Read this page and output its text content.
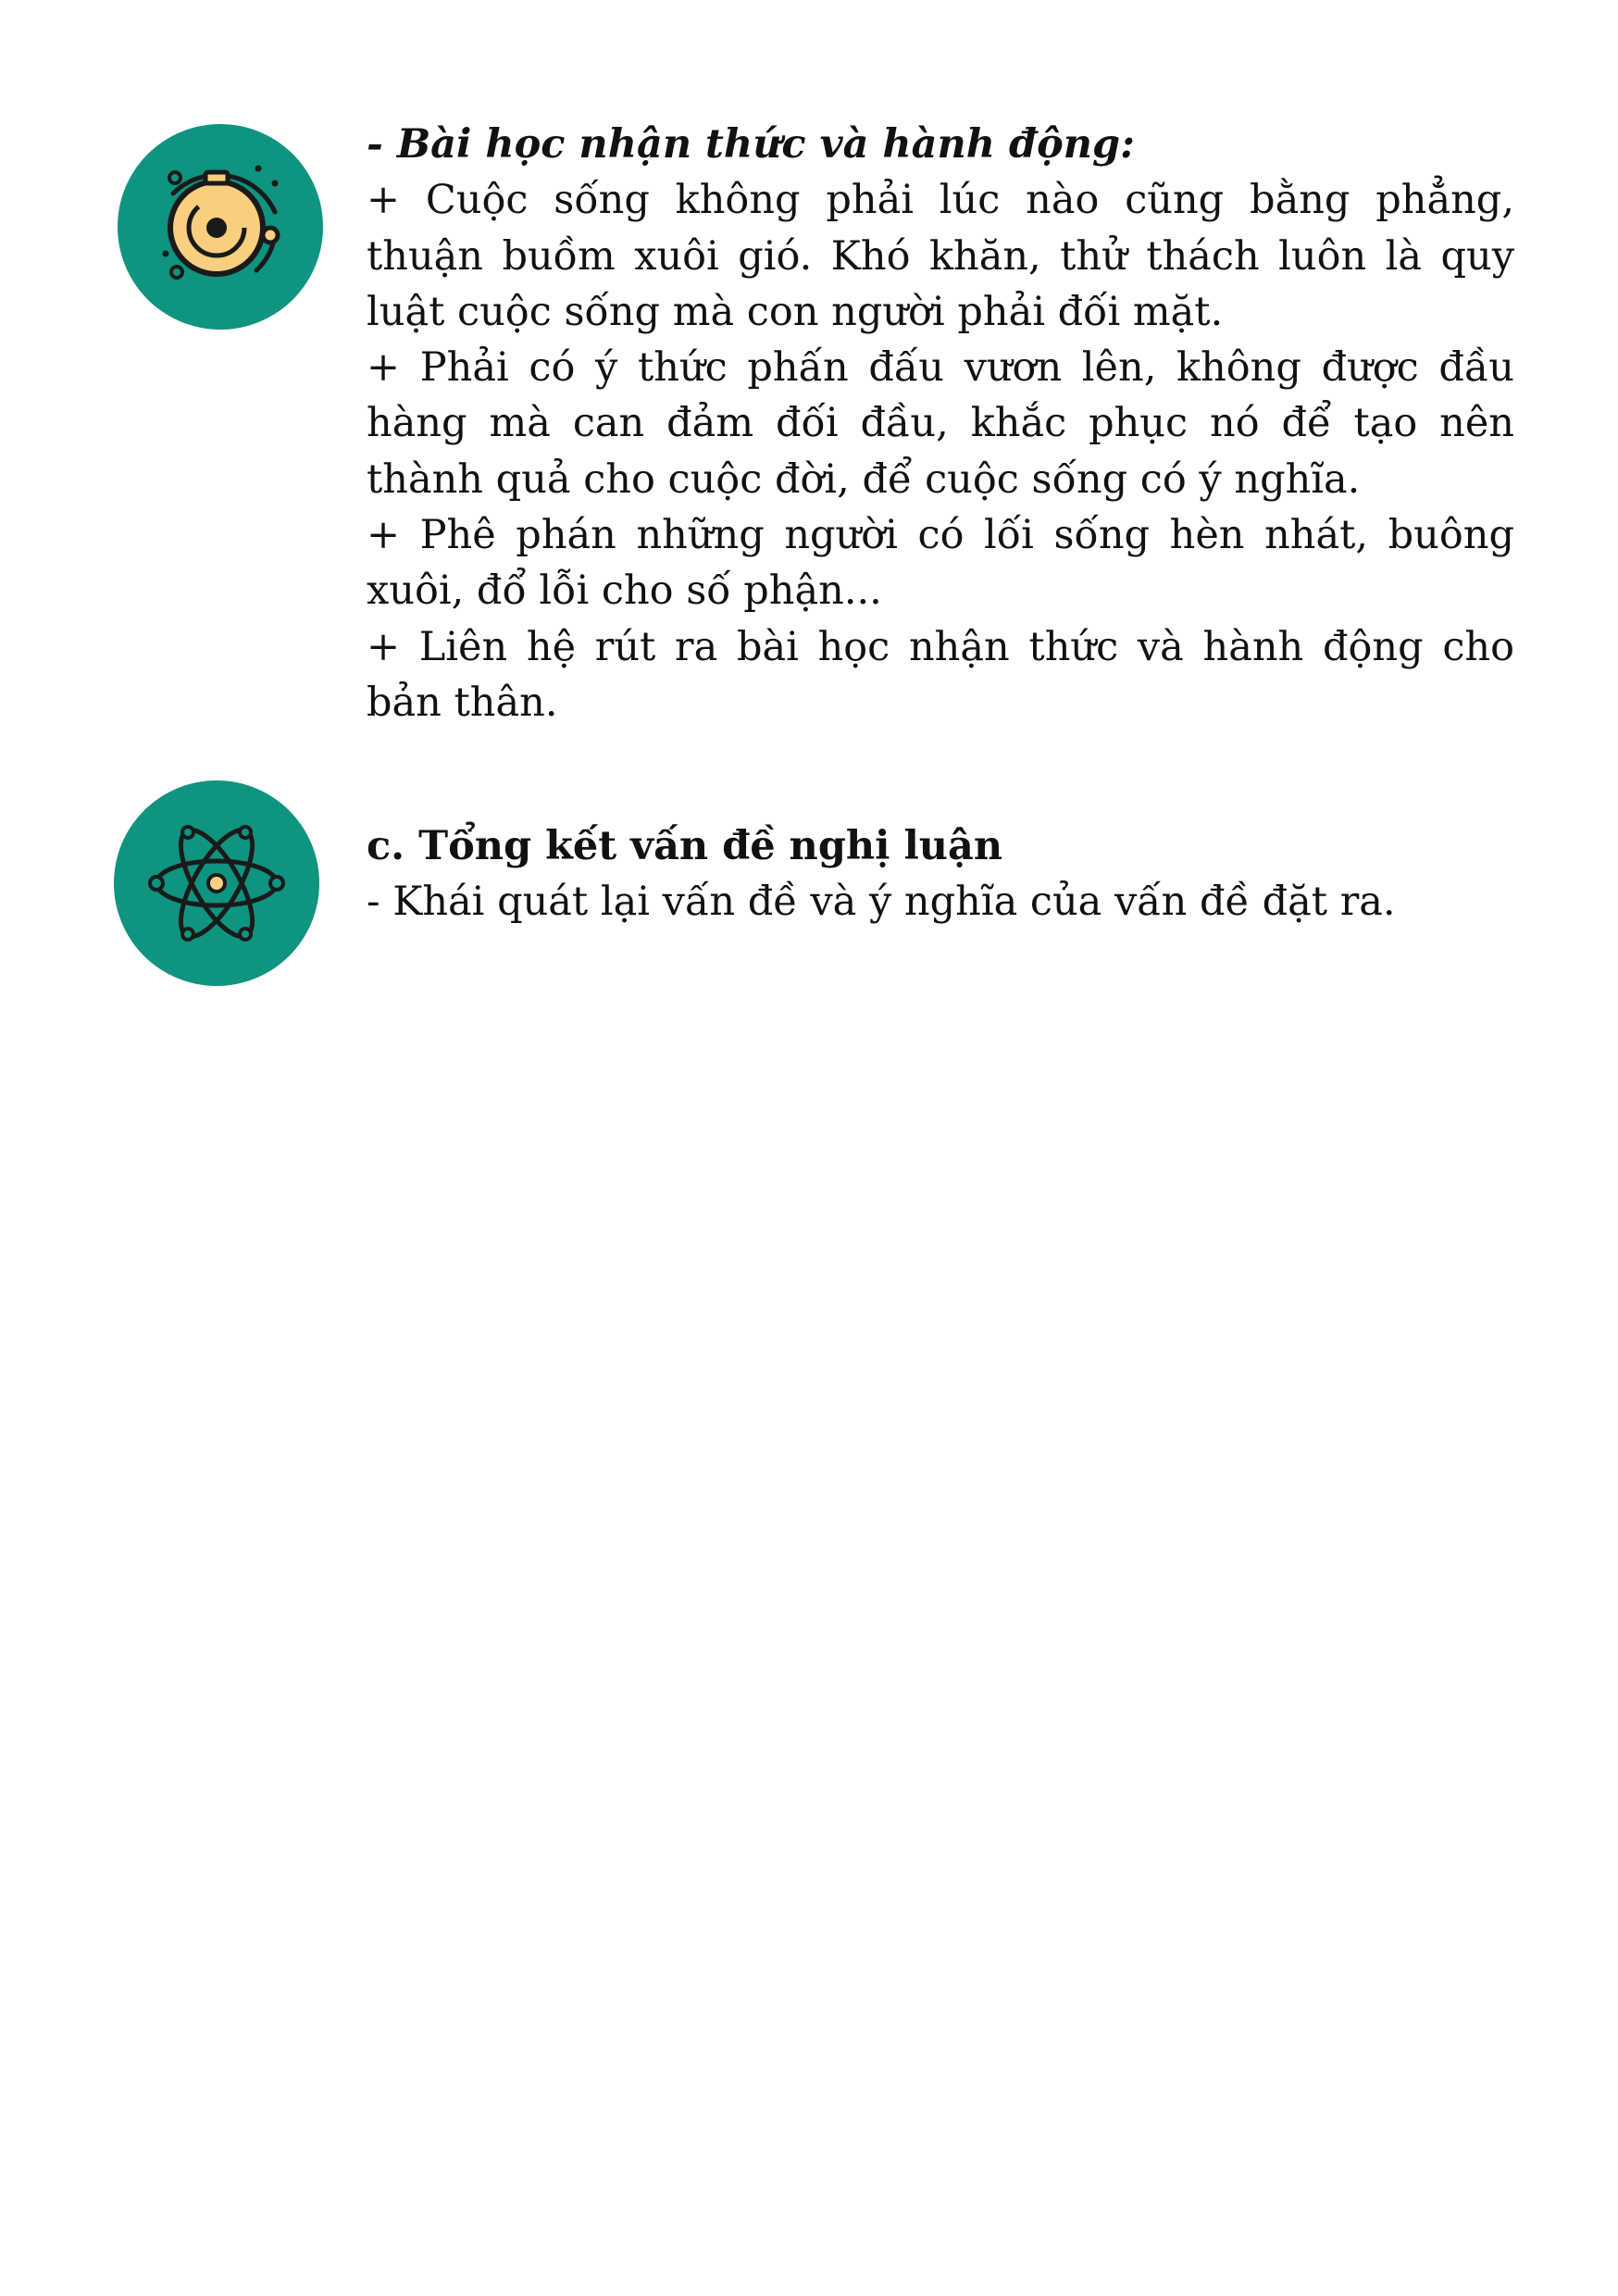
- Bài học nhận thức và hành động:

+ Cuộc sống không phải lúc nào cũng bằng phẳng, thuận buồm xuôi gió. Khó khăn, thử thách luôn là quy luật cuộc sống mà con người phải đối mặt.

+ Phải có ý thức phấn đấu vươn lên, không được đầu hàng mà can đảm đối đầu, khắc phục nó để tạo nên thành quả cho cuộc đời, để cuộc sống có ý nghĩa.

+ Phê phán những người có lối sống hèn nhát, buông xuôi, đổ lỗi cho số phận...

+ Liên hệ rút ra bài học nhận thức và hành động cho bản thân.

c. Tổng kết vấn đề nghị luận

- Khái quát lại vấn đề và ý nghĩa của vấn đề đặt ra.
